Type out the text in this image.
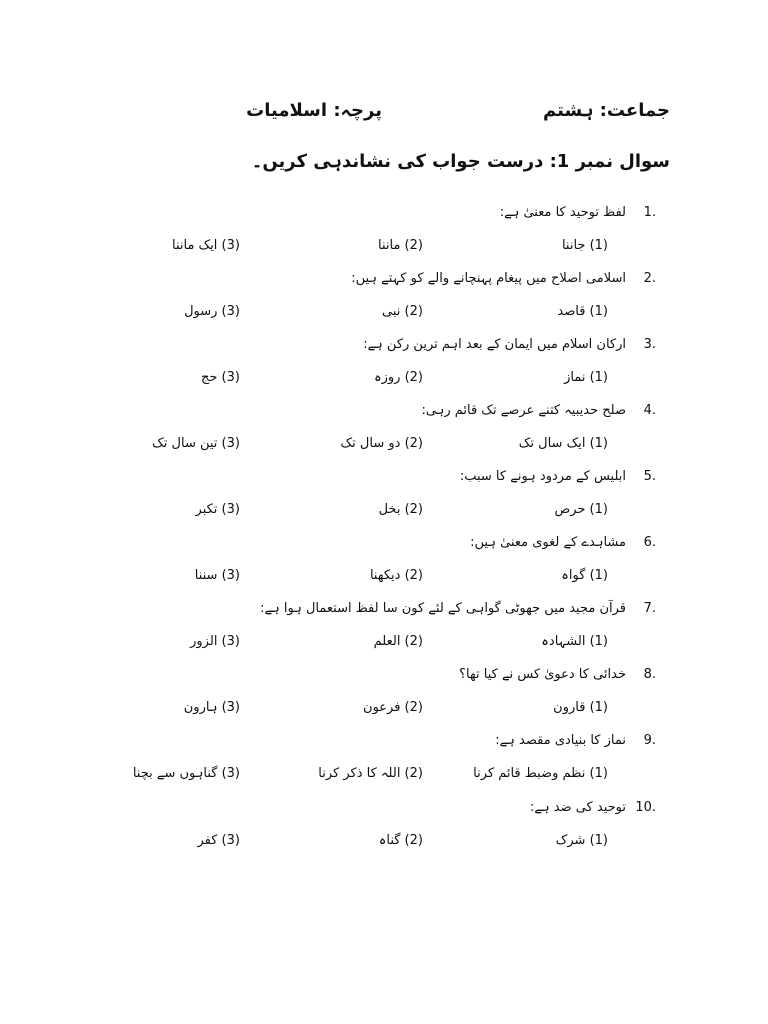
جماعت: ہشتم
پرچہ: اسلامیات
سوال نمبر 1: درست جواب کی نشاندہی کریں۔
1.
لفظ توحید کا معنیٰ ہے:
(1) جاننا
(2) ماننا
(3) ایک ماننا
2.
اسلامی اصلاح میں پیغام پہنچانے والے کو کہتے ہیں:
(1) قاصد
(2) نبی
(3) رسول
3.
ارکان اسلام میں ایمان کے بعد اہم ترین رکن ہے:
(1) نماز
(2) روزہ
(3) حج
4.
صلح حدیبیہ کتنے عرصے تک قائم رہی:
(1) ایک سال تک
(2) دو سال تک
(3) تین سال تک
5.
ابلیس کے مردود ہونے کا سبب:
(1) حرص
(2) بخل
(3) تکبر
6.
مشاہدے کے لغوی معنیٰ ہیں:
(1) گواہ
(2) دیکھنا
(3) سننا
7.
قرآن مجید میں جھوٹی گواہی کے لئے کون سا لفظ استعمال ہوا ہے:
(1) الشہادہ
(2) العلم
(3) الزور
8.
خدائی کا دعویٰ کس نے کیا تھا؟
(1) قارون
(2) فرعون
(3) ہارون
9.
نماز کا بنیادی مقصد ہے:
(1) نظم وضبط قائم کرنا
(2) اللہ کا ذکر کرنا
(3) گناہوں سے بچنا
10.
توحید کی ضد ہے:
(1) شرک
(2) گناہ
(3) کفر
